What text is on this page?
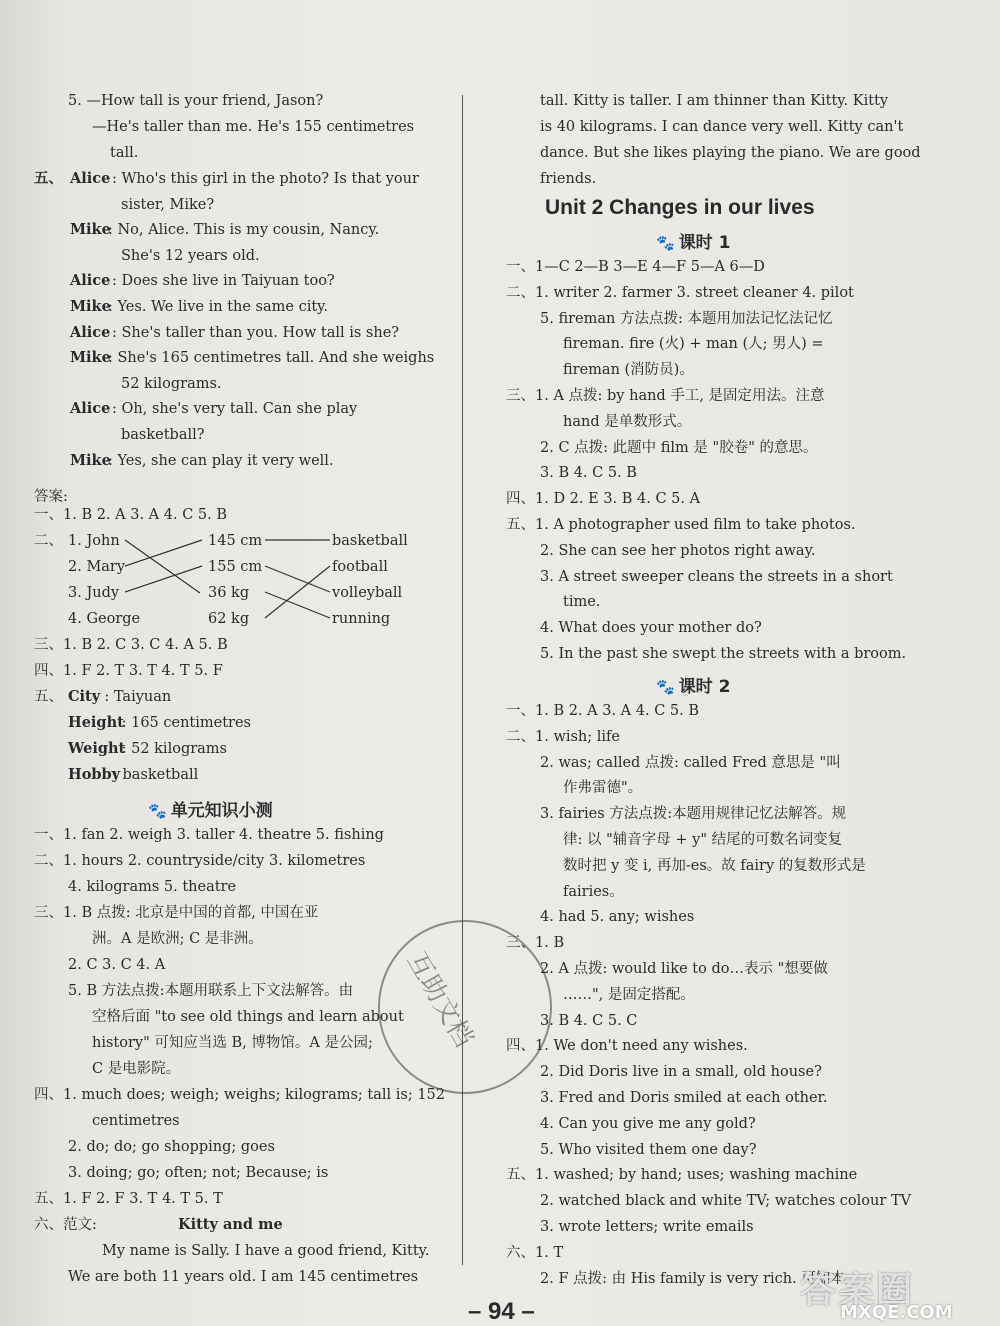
5. —How tall is your friend, Jason?
—He's taller than me. He's 155 centimetres
tall.
五、 Alice : Who's this girl in the photo? Is that your
sister, Mike?
Mike
: No, Alice. This is my cousin, Nancy.
She's 12 years old.
Alice : Does she live in Taiyuan too?
Mike
: Yes. We live in the same city.
Alice : She's taller than you. How tall is she?
Mike
: She's 165 centimetres tall. And she weighs
52 kilograms.
Alice : Oh, she's very tall. Can she play
basketball?
Mike
: Yes, she can play it very well.
答案:
一、1. B 2. A 3. A 4. C 5. B
二、 1. John
2. Mary
3. Judy
4. George
145 cm
155 cm
36 kg
62 kg
basketball
football
volleyball
running
三、1. B 2. C 3. C 4. A 5. B
四、1. F 2. T 3. T 4. T 5. F
五、 City : Taiyuan
Height
: 165 centimetres
Weight
: 52 kilograms
Hobby
: basketball
🐾 单元知识小测
一、1. fan 2. weigh 3. taller 4. theatre 5. fishing
二、1. hours 2. countryside/city 3. kilometres
4. kilograms 5. theatre
三、1. B 点拨: 北京是中国的首都, 中国在亚
洲。A 是欧洲; C 是非洲。
2. C 3. C 4. A
5. B 方法点拨:本题用联系上下文法解答。由
空格后面 "to see old things and learn about
history" 可知应当选 B, 博物馆。A 是公园;
C 是电影院。
四、1. much does; weigh; weighs; kilograms; tall is; 152
centimetres
2. do; do; go shopping; goes
3. doing; go; often; not; Because; is
五、1. F 2. F 3. T 4. T 5. T
六、范文:	Kitty and me
My name is Sally. I have a good friend, Kitty.
We are both 11 years old. I am 145 centimetres
tall. Kitty is taller. I am thinner than Kitty. Kitty
is 40 kilograms. I can dance very well. Kitty can't
dance. But she likes playing the piano. We are good
friends.
Unit 2 Changes in our lives
🐾 课时 1
一、1—C 2—B 3—E 4—F 5—A 6—D
二、1. writer 2. farmer 3. street cleaner 4. pilot
5. fireman 方法点拨: 本题用加法记忆法记忆
fireman. fire (火) + man (人; 男人) =
fireman (消防员)。
三、1. A 点拨: by hand 手工, 是固定用法。注意
hand 是单数形式。
2. C 点拨: 此题中 film 是 "胶卷" 的意思。
3. B 4. C 5. B
四、1. D 2. E 3. B 4. C 5. A
五、1. A photographer used film to take photos.
2. She can see her photos right away.
3. A street sweeper cleans the streets in a short
time.
4. What does your mother do?
5. In the past she swept the streets with a broom.
🐾 课时 2
一、1. B 2. A 3. A 4. C 5. B
二、1. wish; life
2. was; called 点拨: called Fred 意思是 "叫
作弗雷德"。
3. fairies 方法点拨:本题用规律记忆法解答。规
律: 以 "辅音字母 + y" 结尾的可数名词变复
数时把 y 变 i, 再加-es。故 fairy 的复数形式是
fairies。
4. had 5. any; wishes
三、1. B
2. A 点拨: would like to do…表示 "想要做
……", 是固定搭配。
3. B 4. C 5. C
四、1. We don't need any wishes.
2. Did Doris live in a small, old house?
3. Fred and Doris smiled at each other.
4. Can you give me any gold?
5. Who visited them one day?
五、1. washed; by hand; uses; washing machine
2. watched black and white TV; watches colour TV
3. wrote letters; write emails
六、1. T
2. F 点拨: 由 His family is very rich. 可知本
互助文档
– 94 –
答案圈
MXQE.COM
